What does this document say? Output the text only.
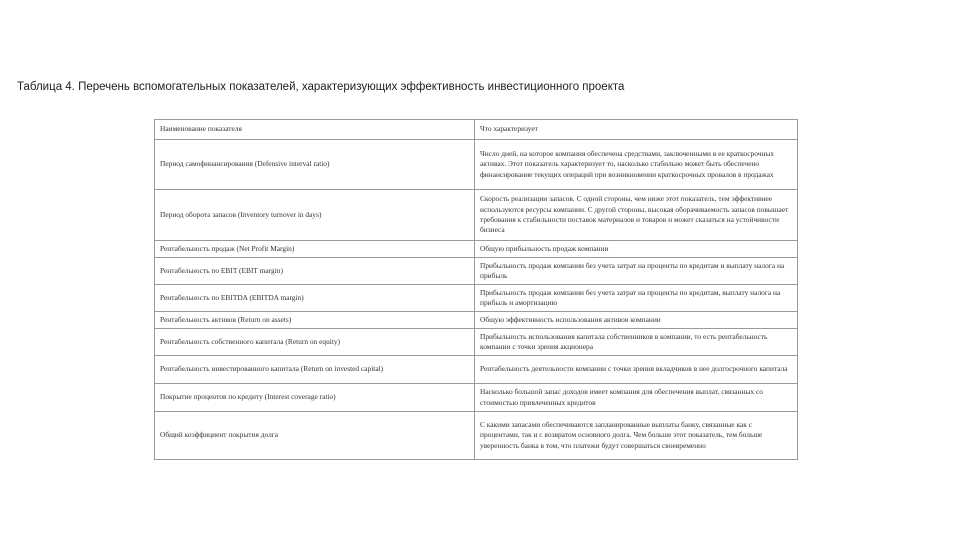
Таблица 4. Перечень вспомогательных показателей, характеризующих эффективность инвестиционного проекта
Наименование показателя	Что характеризует
Период самофинансирования (Defensive interval ratio)	Число дней, на которое компания обеспечена средствами, заключенными в ее краткосрочных активах. Этот показатель характеризует то, насколько стабильно может быть обеспечено финансирование текущих операций при возникновении краткосрочных провалов в продажах
Период оборота запасов (Inventory turnover in days)	Скорость реализации запасов. С одной стороны, чем ниже этот показатель, тем эффективнее используются ресурсы компании. С другой стороны, высокая оборачиваемость запасов повышает требования к стабильности поставок материалов и товаров и может сказаться на устойчивости бизнеса
Рентабельность продаж (Net Profit Margin)	Общую прибыльность продаж компании
Рентабельность по EBIT (EBIT margin)	Прибыльность продаж компании без учета затрат на проценты по кредитам и выплату налога на прибыль
Рентабельность по EBITDA (EBITDA margin)	Прибыльность продаж компании без учета затрат на проценты по кредитам, выплату налога на прибыль и амортизацию
Рентабельность активов (Return on assets)	Общую эффективность использования активов компании
Рентабельность собственного капитала (Return on equity)	Прибыльность использования капитала собственников в компании, то есть рентабельность компании с точки зрения акционера
Рентабельность инвестированного капитала (Return on invested capital)	Рентабельность деятельности компании с точки зрения вкладчиков в нее долгосрочного капитала
Покрытие процентов по кредиту (Interest coverage ratio)	Насколько большой запас доходов имеет компания для обеспечения выплат, связанных со стоимостью привлеченных кредитов
Общий коэффициент покрытия долга	С какими запасами обеспечиваются запланированные выплаты банку, связанные как с процентами, так и с возвратом основного долга. Чем больше этот показатель, тем больше уверенность банка в том, что платежи будут совершаться своевременно
